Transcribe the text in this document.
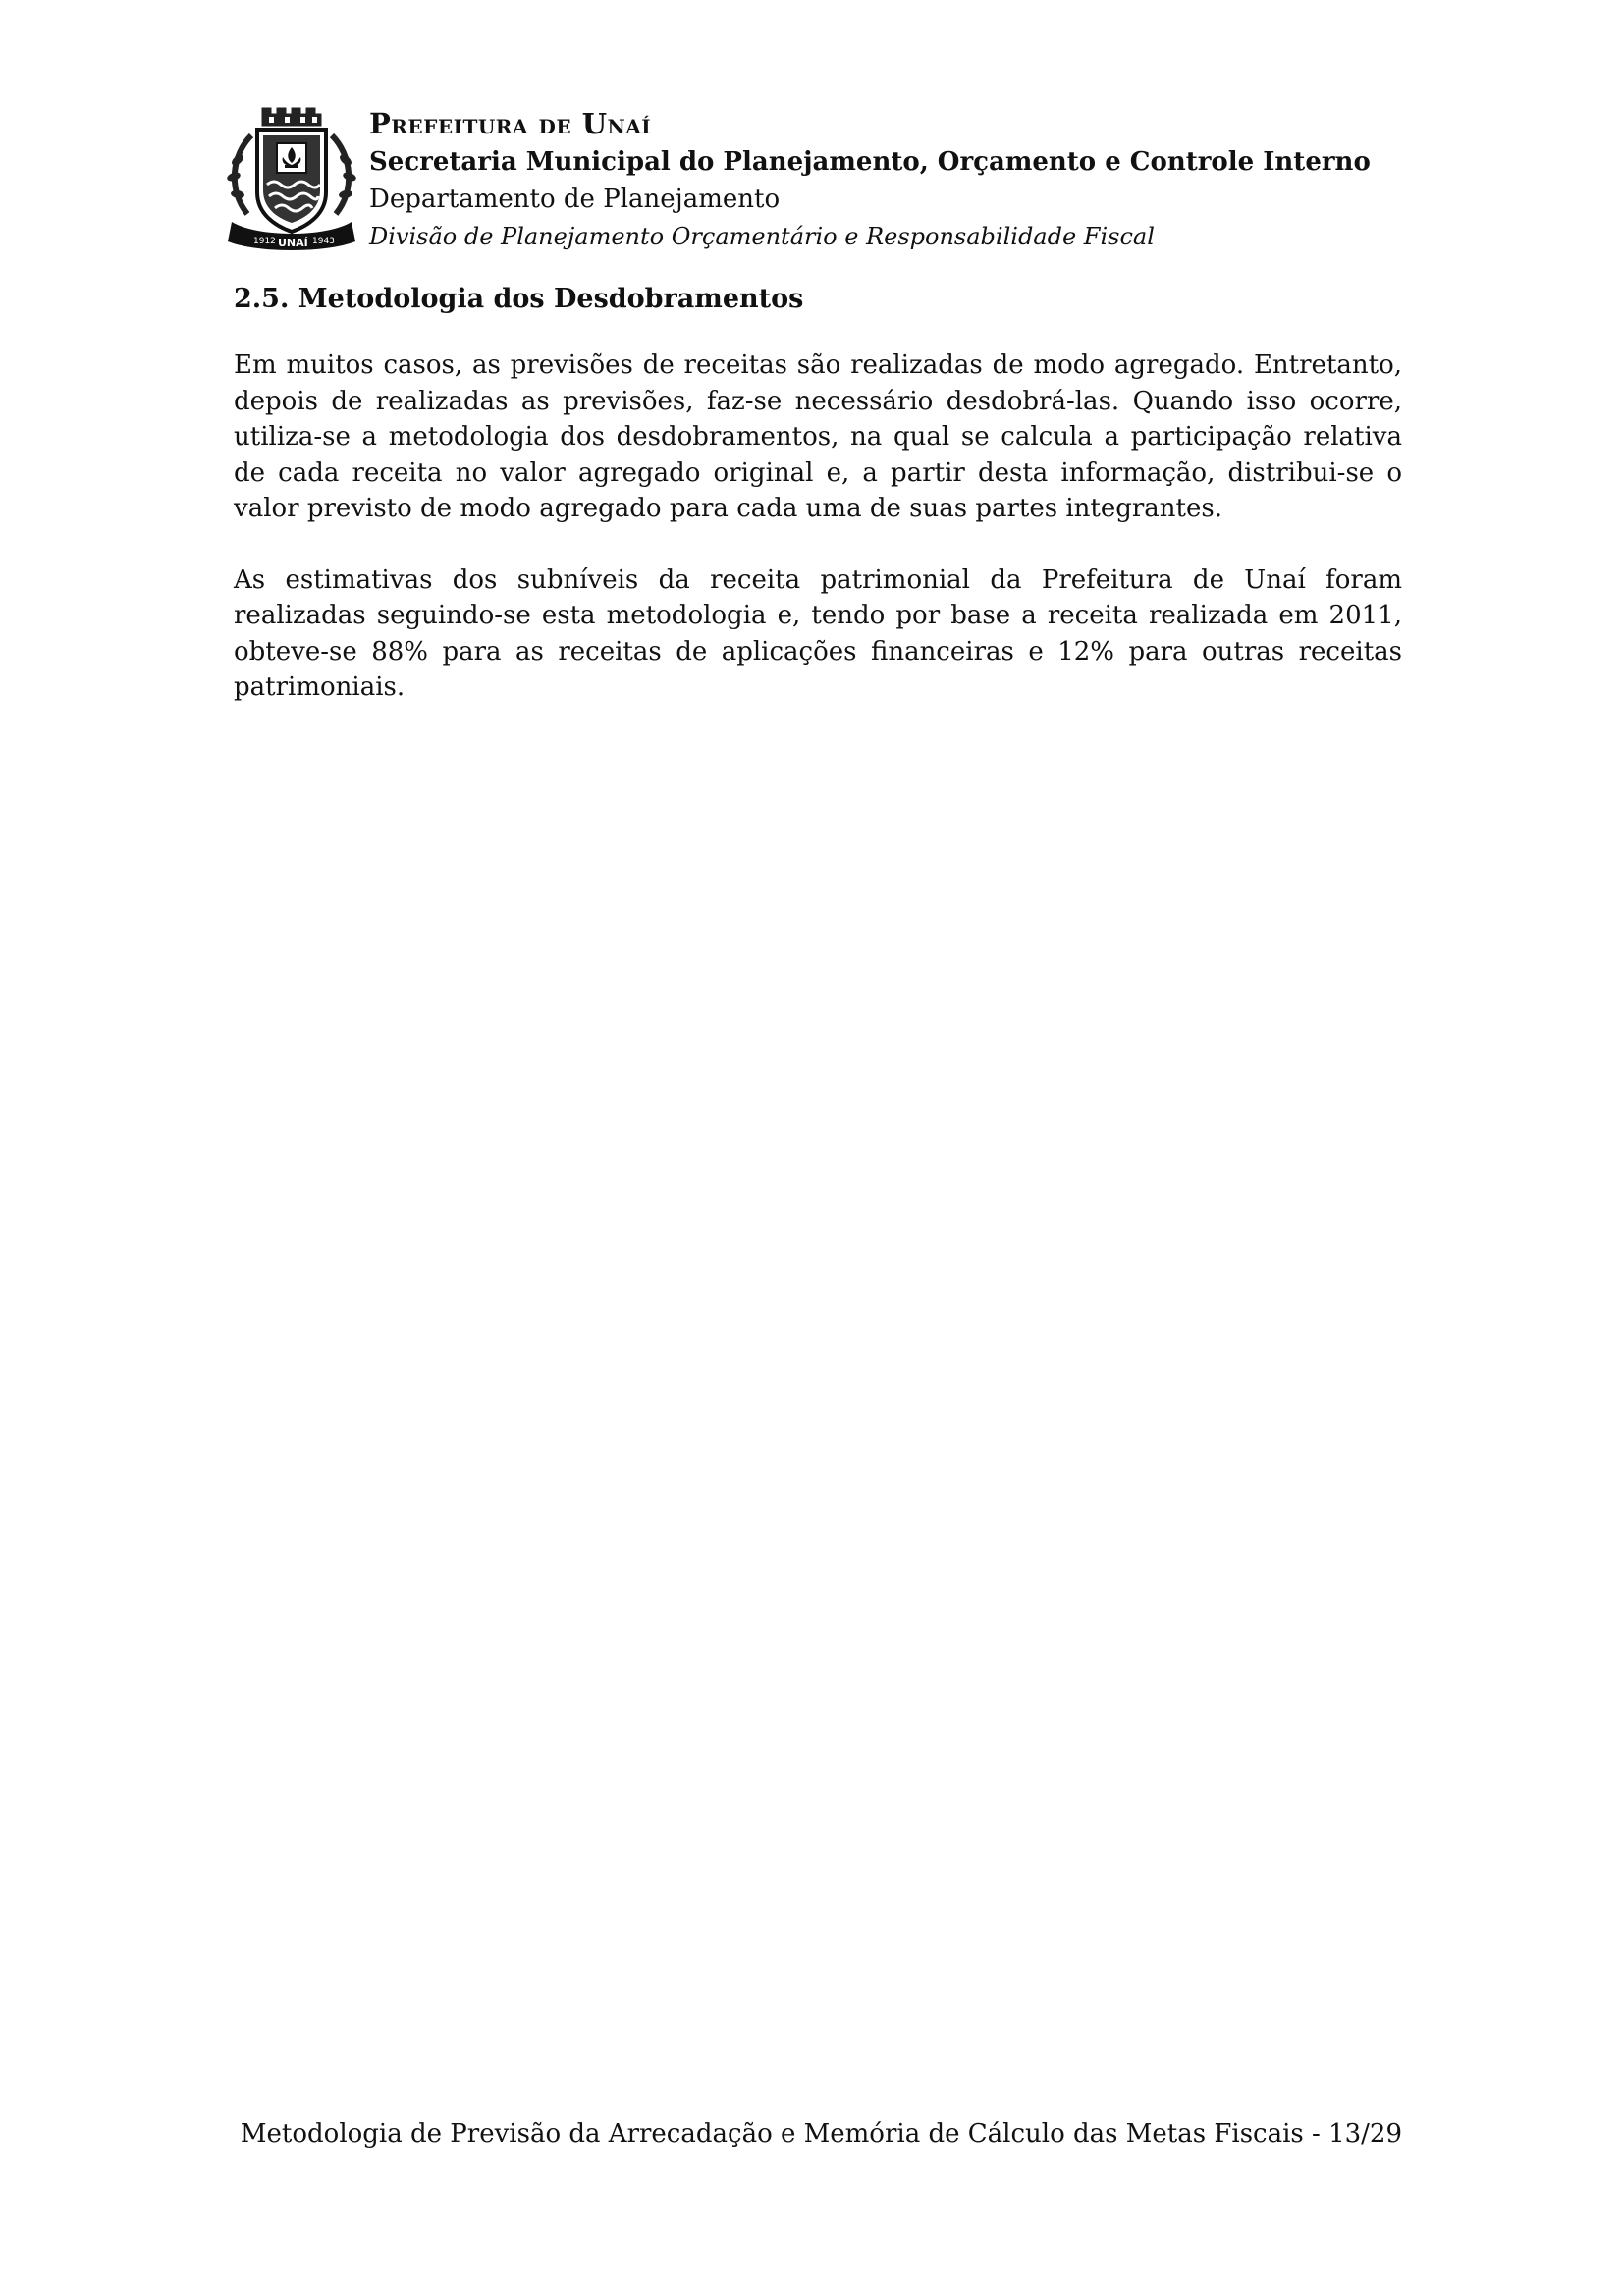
1912 UNAÍ 1943
Prefeitura de Unaí
Secretaria Municipal do Planejamento, Orçamento e Controle Interno
Departamento de Planejamento
Divisão de Planejamento Orçamentário e Responsabilidade Fiscal
2.5. Metodologia dos Desdobramentos

Em muitos casos, as previsões de receitas são realizadas de modo agregado. Entretanto, depois de realizadas as previsões, faz-se necessário desdobrá-las. Quando isso ocorre, utiliza-se a metodologia dos desdobramentos, na qual se calcula a participação relativa de cada receita no valor agregado original e, a partir desta informação, distribui-se o valor previsto de modo agregado para cada uma de suas partes integrantes.

As estimativas dos subníveis da receita patrimonial da Prefeitura de Unaí foram realizadas seguindo-se esta metodologia e, tendo por base a receita realizada em 2011, obteve-se 88% para as receitas de aplicações financeiras e 12% para outras receitas patrimoniais.

Metodologia de Previsão da Arrecadação e Memória de Cálculo das Metas Fiscais - 13/29
